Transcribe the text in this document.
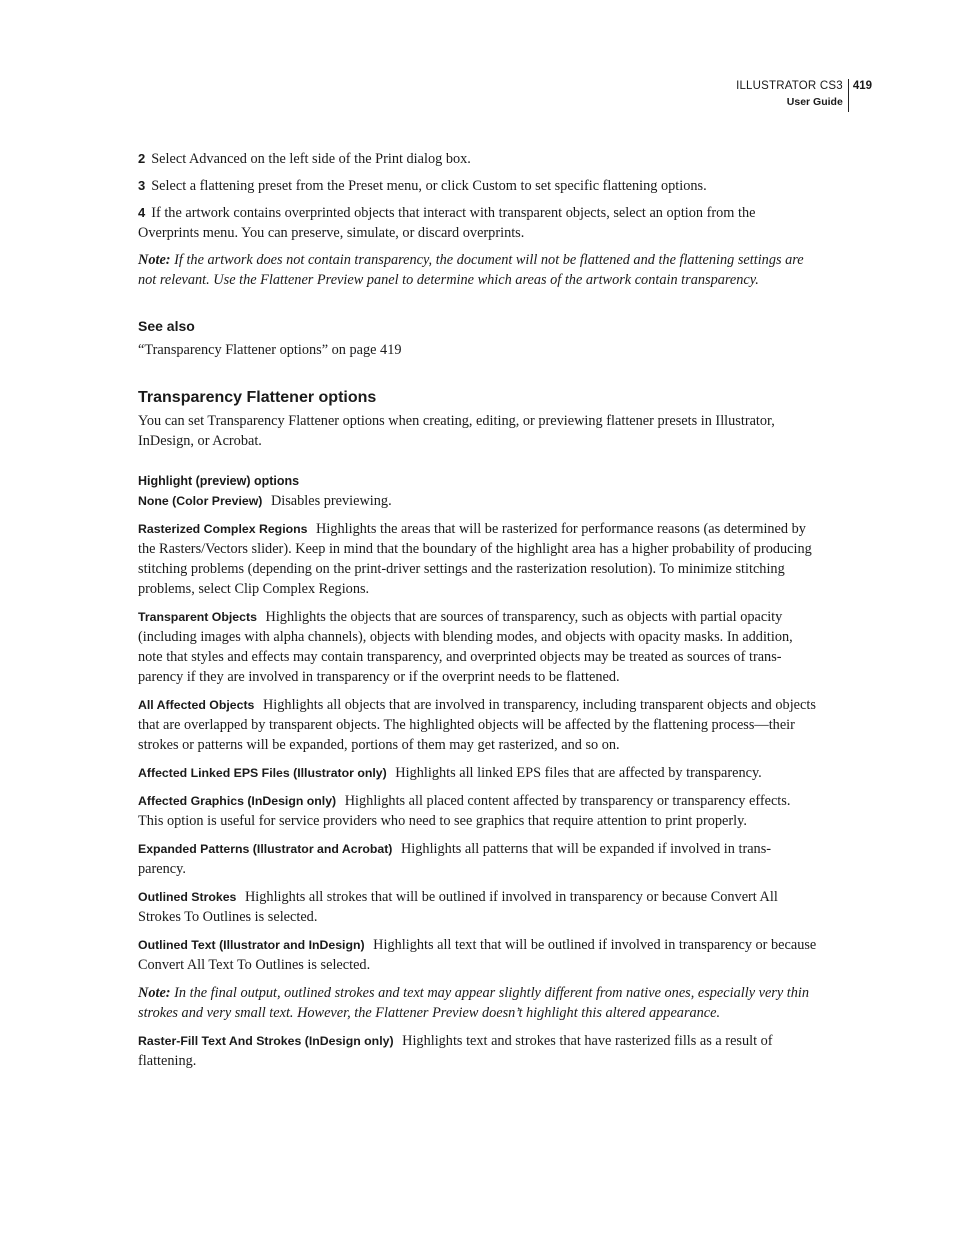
ILLUSTRATOR CS3
User Guide
419

2 Select Advanced on the left side of the Print dialog box.

3 Select a flattening preset from the Preset menu, or click Custom to set specific flattening options.

4 If the artwork contains overprinted objects that interact with transparent objects, select an option from the Overprints menu. You can preserve, simulate, or discard overprints.

Note: If the artwork does not contain transparency, the document will not be flattened and the flattening settings are not relevant. Use the Flattener Preview panel to determine which areas of the artwork contain transparency.

See also

“Transparency Flattener options” on page 419

Transparency Flattener options

You can set Transparency Flattener options when creating, editing, or previewing flattener presets in Illustrator, InDesign, or Acrobat.

Highlight (preview) options

None (Color Preview) Disables previewing.

Rasterized Complex Regions Highlights the areas that will be rasterized for performance reasons (as determined by the Rasters/Vectors slider). Keep in mind that the boundary of the highlight area has a higher probability of producing stitching problems (depending on the print-driver settings and the rasterization resolution). To minimize stitching problems, select Clip Complex Regions.

Transparent Objects Highlights the objects that are sources of transparency, such as objects with partial opacity (including images with alpha channels), objects with blending modes, and objects with opacity masks. In addition, note that styles and effects may contain transparency, and overprinted objects may be treated as sources of trans-parency if they are involved in transparency or if the overprint needs to be flattened.

All Affected Objects Highlights all objects that are involved in transparency, including transparent objects and objects that are overlapped by transparent objects. The highlighted objects will be affected by the flattening process—their strokes or patterns will be expanded, portions of them may get rasterized, and so on.

Affected Linked EPS Files (Illustrator only) Highlights all linked EPS files that are affected by transparency.

Affected Graphics (InDesign only) Highlights all placed content affected by transparency or transparency effects. This option is useful for service providers who need to see graphics that require attention to print properly.

Expanded Patterns (Illustrator and Acrobat) Highlights all patterns that will be expanded if involved in trans-parency.

Outlined Strokes Highlights all strokes that will be outlined if involved in transparency or because Convert All Strokes To Outlines is selected.

Outlined Text (Illustrator and InDesign) Highlights all text that will be outlined if involved in transparency or because Convert All Text To Outlines is selected.

Note: In the final output, outlined strokes and text may appear slightly different from native ones, especially very thin strokes and very small text. However, the Flattener Preview doesn’t highlight this altered appearance.

Raster-Fill Text And Strokes (InDesign only) Highlights text and strokes that have rasterized fills as a result of flattening.
